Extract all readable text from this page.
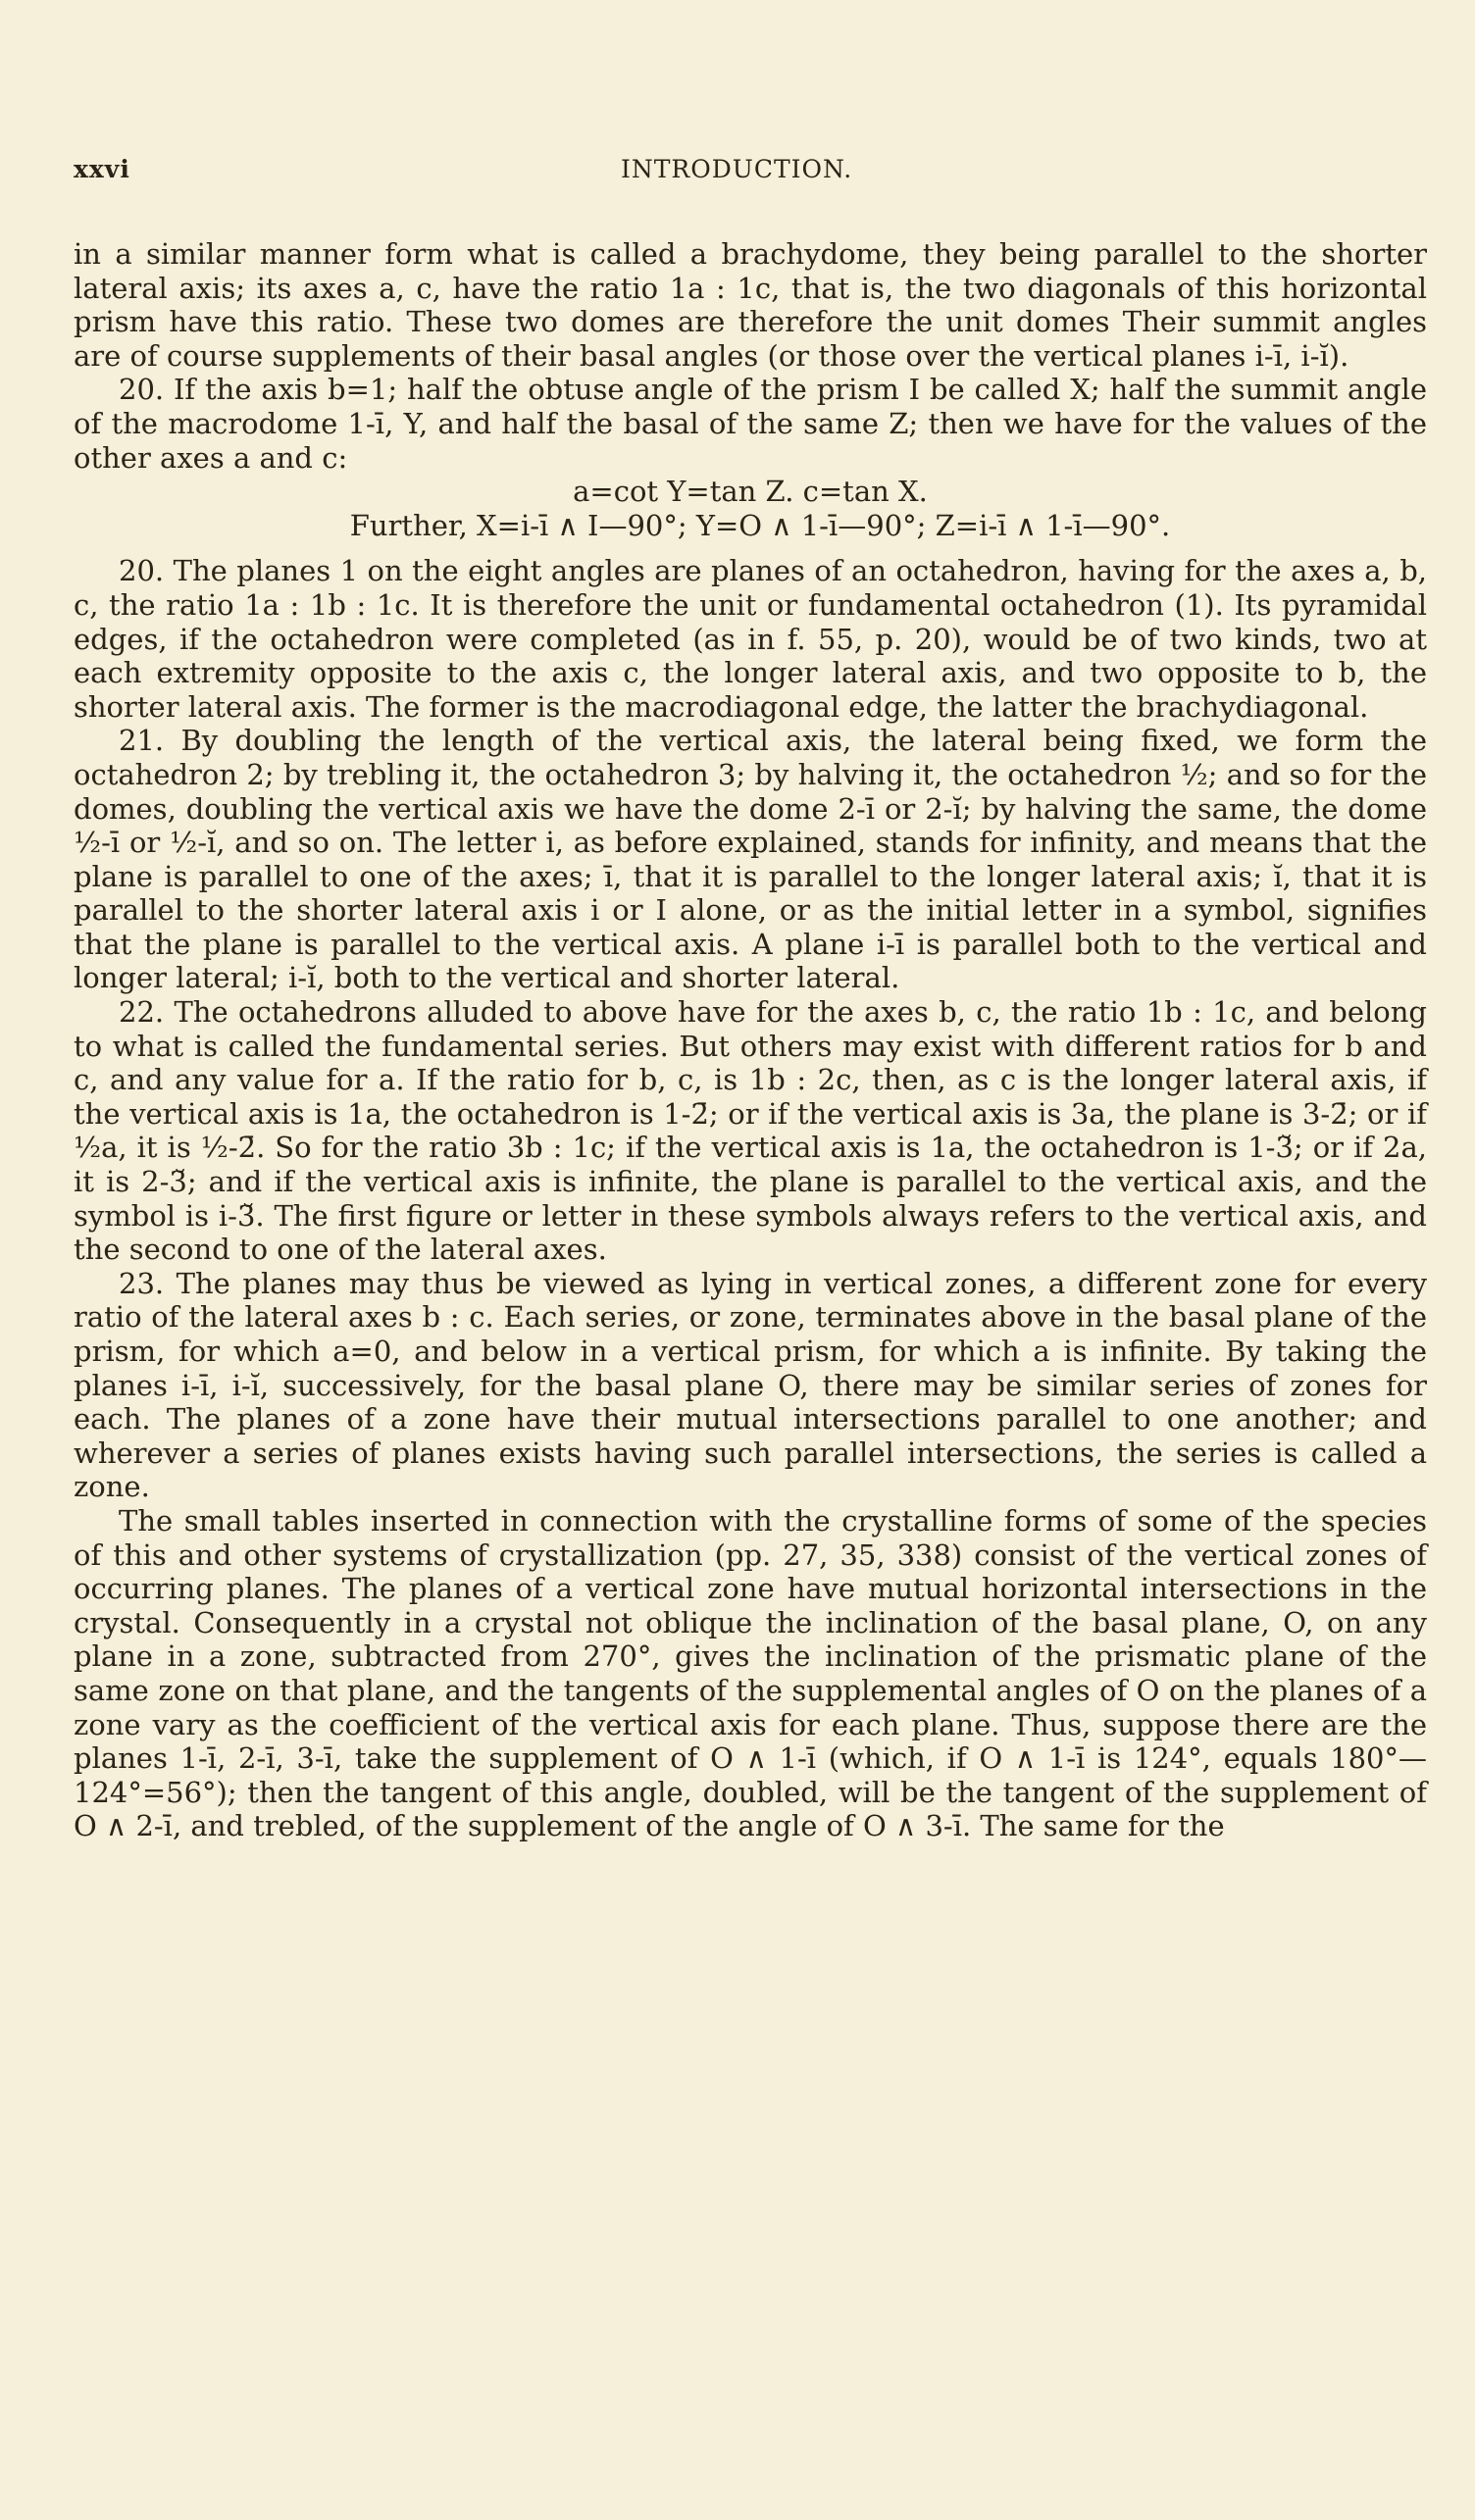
xxvi	INTRODUCTION.

in a similar manner form what is called a brachydome, they being parallel to the shorter lateral axis; its axes a, c, have the ratio 1a : 1c, that is, the two diagonals of this horizontal prism have this ratio. These two domes are therefore the unit domes Their summit angles are of course supplements of their basal angles (or those over the vertical planes i-ī, i-ĭ).

20. If the axis b=1; half the obtuse angle of the prism I be called X; half the summit angle of the macrodome 1-ī, Y, and half the basal of the same Z; then we have for the values of the other axes a and c:

a=cot Y=tan Z. c=tan X.

Further, X=i-ī ∧ I—90°; Y=O ∧ 1-ī—90°; Z=i-ī ∧ 1-ī—90°.

20. The planes 1 on the eight angles are planes of an octahedron, having for the axes a, b, c, the ratio 1a : 1b : 1c. It is therefore the unit or fundamental octahedron (1). Its pyramidal edges, if the octahedron were completed (as in f. 55, p. 20), would be of two kinds, two at each extremity opposite to the axis c, the longer lateral axis, and two opposite to b, the shorter lateral axis. The former is the macrodiagonal edge, the latter the brachydiagonal.

21. By doubling the length of the vertical axis, the lateral being fixed, we form the octahedron 2; by trebling it, the octahedron 3; by halving it, the octahedron ½; and so for the domes, doubling the vertical axis we have the dome 2-ī or 2-ĭ; by halving the same, the dome ½-ī or ½-ĭ, and so on. The letter i, as before explained, stands for infinity, and means that the plane is parallel to one of the axes; ī, that it is parallel to the longer lateral axis; ĭ, that it is parallel to the shorter lateral axis i or I alone, or as the initial letter in a symbol, signifies that the plane is parallel to the vertical axis. A plane i-ī is parallel both to the vertical and longer lateral; i-ĭ, both to the vertical and shorter lateral.

22. The octahedrons alluded to above have for the axes b, c, the ratio 1b : 1c, and belong to what is called the fundamental series. But others may exist with different ratios for b and c, and any value for a. If the ratio for b, c, is 1b : 2c, then, as c is the longer lateral axis, if the vertical axis is 1a, the octahedron is 1-2̄; or if the vertical axis is 3a, the plane is 3-2̄; or if ½a, it is ½-2̄. So for the ratio 3b : 1c; if the vertical axis is 1a, the octahedron is 1-3̆; or if 2a, it is 2-3̆; and if the vertical axis is infinite, the plane is parallel to the vertical axis, and the symbol is i-3̆. The first figure or letter in these symbols always refers to the vertical axis, and the second to one of the lateral axes.

23. The planes may thus be viewed as lying in vertical zones, a different zone for every ratio of the lateral axes b : c. Each series, or zone, terminates above in the basal plane of the prism, for which a=0, and below in a vertical prism, for which a is infinite. By taking the planes i-ī, i-ĭ, successively, for the basal plane O, there may be similar series of zones for each. The planes of a zone have their mutual intersections parallel to one another; and wherever a series of planes exists having such parallel intersections, the series is called a zone.

The small tables inserted in connection with the crystalline forms of some of the species of this and other systems of crystallization (pp. 27, 35, 338) consist of the vertical zones of occurring planes. The planes of a vertical zone have mutual horizontal intersections in the crystal. Consequently in a crystal not oblique the inclination of the basal plane, O, on any plane in a zone, subtracted from 270°, gives the inclination of the prismatic plane of the same zone on that plane, and the tangents of the supplemental angles of O on the planes of a zone vary as the coefficient of the vertical axis for each plane. Thus, suppose there are the planes 1-ī, 2-ī, 3-ī, take the supplement of O ∧ 1-ī (which, if O ∧ 1-ī is 124°, equals 180°—124°=56°); then the tangent of this angle, doubled, will be the tangent of the supplement of O ∧ 2-ī, and trebled, of the supplement of the angle of O ∧ 3-ī. The same for the
